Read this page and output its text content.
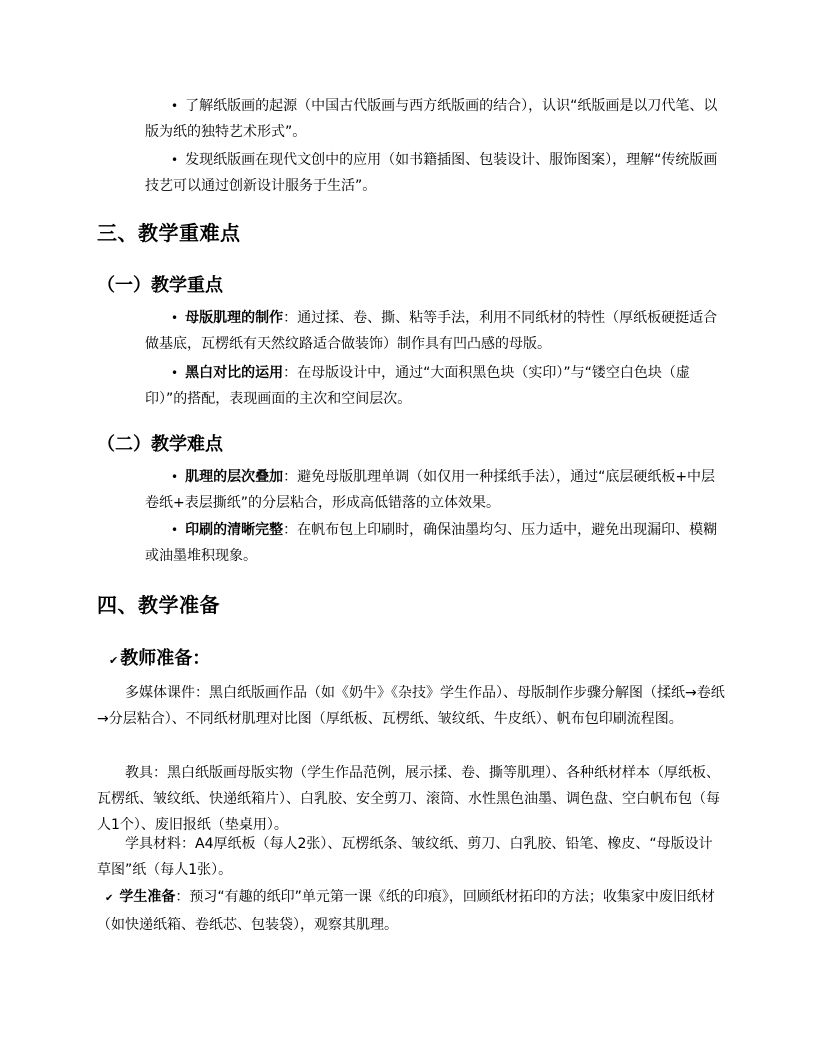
• 了解纸版画的起源（中国古代版画与西方纸版画的结合），认识“纸版画是以刀代笔、以版为纸的独特艺术形式”。
• 发现纸版画在现代文创中的应用（如书籍插图、包装设计、服饰图案），理解“传统版画技艺可以通过创新设计服务于生活”。
三、教学重难点
（一）教学重点
• 母版肌理的制作：通过揉、卷、撕、粘等手法，利用不同纸材的特性（厚纸板硬挺适合做基底，瓦楞纸有天然纹路适合做装饰）制作具有凹凸感的母版。
• 黑白对比的运用：在母版设计中，通过“大面积黑色块（实印）”与“镂空白色块（虚印）”的搭配，表现画面的主次和空间层次。
（二）教学难点
• 肌理的层次叠加：避免母版肌理单调（如仅用一种揉纸手法），通过“底层硬纸板+中层卷纸+表层撕纸”的分层粘合，形成高低错落的立体效果。
• 印刷的清晰完整：在帆布包上印刷时，确保油墨均匀、压力适中，避免出现漏印、模糊或油墨堆积现象。
四、教学准备
✔ 教师准备：
多媒体课件：黑白纸版画作品（如《奶牛》《杂技》学生作品）、母版制作步骤分解图（揉纸→卷纸→分层粘合）、不同纸材肌理对比图（厚纸板、瓦楞纸、皱纹纸、牛皮纸）、帆布包印刷流程图。
教具：黑白纸版画母版实物（学生作品范例，展示揉、卷、撕等肌理）、各种纸材样本（厚纸板、瓦楞纸、皱纹纸、快递纸箱片）、白乳胶、安全剪刀、滚筒、水性黑色油墨、调色盘、空白帆布包（每人1个）、废旧报纸（垫桌用）。
学具材料：A4厚纸板（每人2张）、瓦楞纸条、皱纹纸、剪刀、白乳胶、铅笔、橡皮、“母版设计草图”纸（每人1张）。
✔ 学生准备：预习“有趣的纸印”单元第一课《纸的印痕》，回顾纸材拓印的方法；收集家中废旧纸材（如快递纸箱、卷纸芯、包装袋），观察其肌理。
